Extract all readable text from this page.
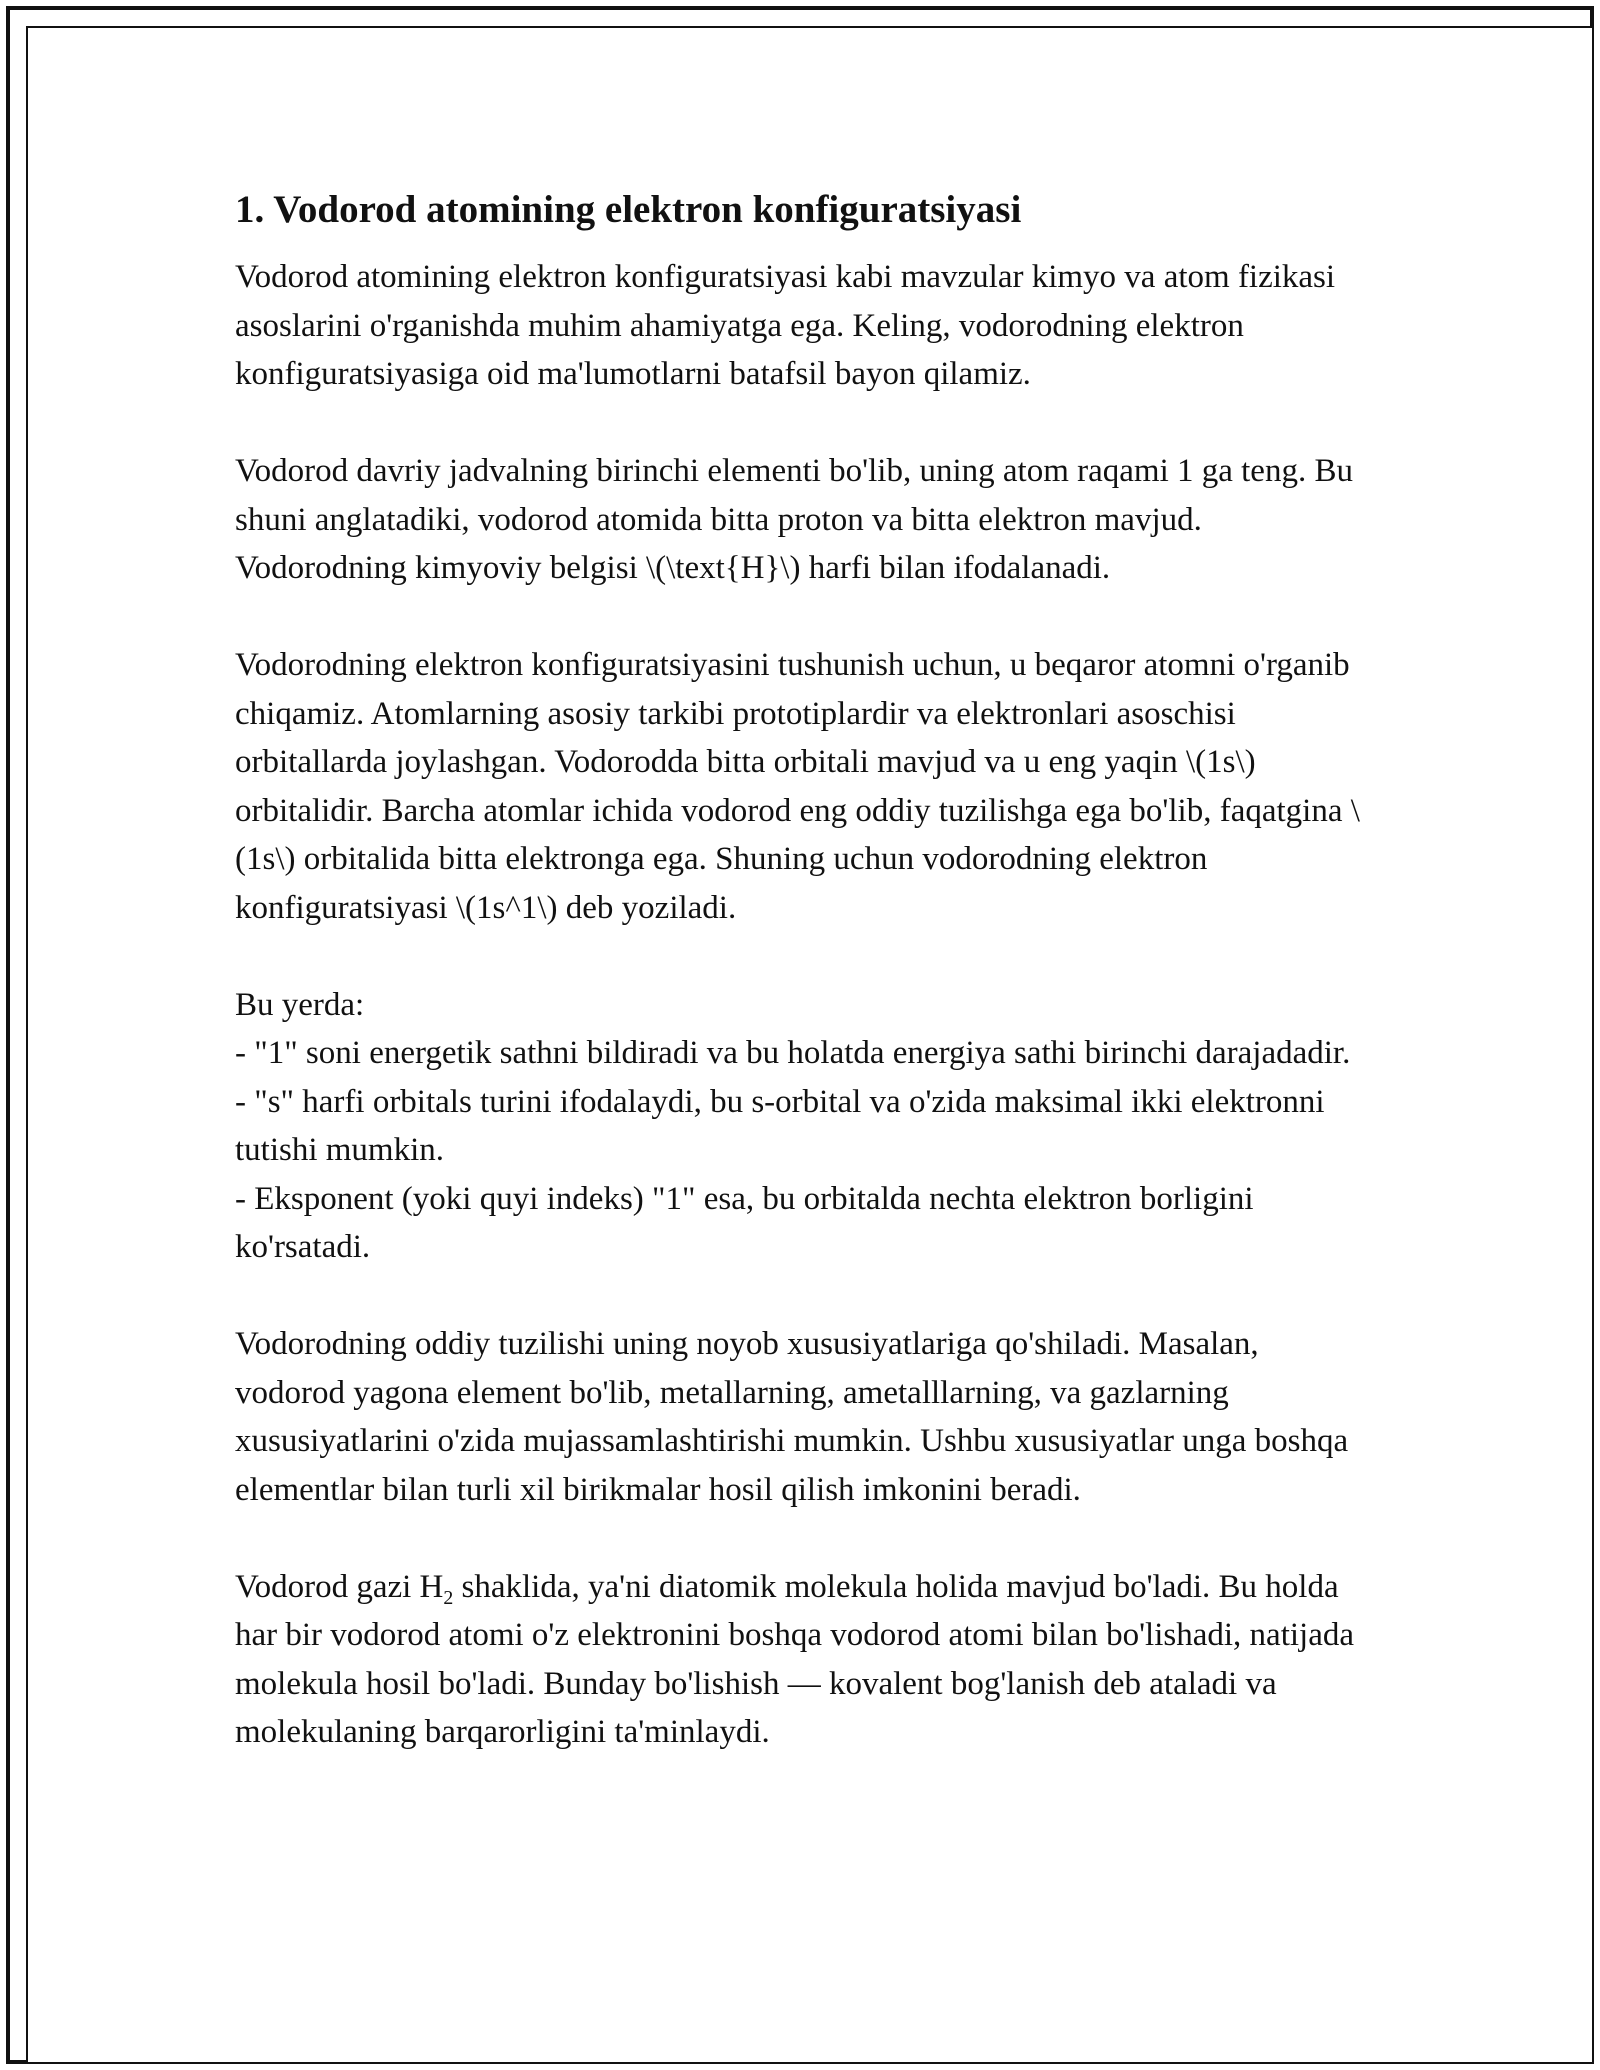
1. Vodorod atomining elektron konfiguratsiyasi

Vodorod atomining elektron konfiguratsiyasi kabi mavzular kimyo va atom fizikasi asoslarini o'rganishda muhim ahamiyatga ega. Keling, vodorodning elektron konfiguratsiyasiga oid ma'lumotlarni batafsil bayon qilamiz.

Vodorod davriy jadvalning birinchi elementi bo'lib, uning atom raqami 1 ga teng. Bu shuni anglatadiki, vodorod atomida bitta proton va bitta elektron mavjud. Vodorodning kimyoviy belgisi \(\text{H}\) harfi bilan ifodalanadi.

Vodorodning elektron konfiguratsiyasini tushunish uchun, u beqaror atomni o'rganib chiqamiz. Atomlarning asosiy tarkibi prototiplardir va elektronlari asoschisi orbitallarda joylashgan. Vodorodda bitta orbitali mavjud va u eng yaqin \(1s\) orbitalidir. Barcha atomlar ichida vodorod eng oddiy tuzilishga ega bo'lib, faqatgina \(1s\) orbitalida bitta elektronga ega. Shuning uchun vodorodning elektron konfiguratsiyasi \(1s^1\) deb yoziladi.

Bu yerda:
- "1" soni energetik sathni bildiradi va bu holatda energiya sathi birinchi darajadadir.
- "s" harfi orbitals turini ifodalaydi, bu s-orbital va o'zida maksimal ikki elektronni tutishi mumkin.
- Eksponent (yoki quyi indeks) "1" esa, bu orbitalda nechta elektron borligini ko'rsatadi.

Vodorodning oddiy tuzilishi uning noyob xususiyatlariga qo'shiladi. Masalan, vodorod yagona element bo'lib, metallarning, ametalllarning, va gazlarning xususiyatlarini o'zida mujassamlashtirishi mumkin. Ushbu xususiyatlar unga boshqa elementlar bilan turli xil birikmalar hosil qilish imkonini beradi.

Vodorod gazi $H_2$ shaklida, ya'ni diatomik molekula holida mavjud bo'ladi. Bu holda har bir vodorod atomi o'z elektronini boshqa vodorod atomi bilan bo'lishadi, natijada molekula hosil bo'ladi. Bunday bo'lishish — kovalent bog'lanish deb ataladi va molekulaning barqarorligini ta'minlaydi.
